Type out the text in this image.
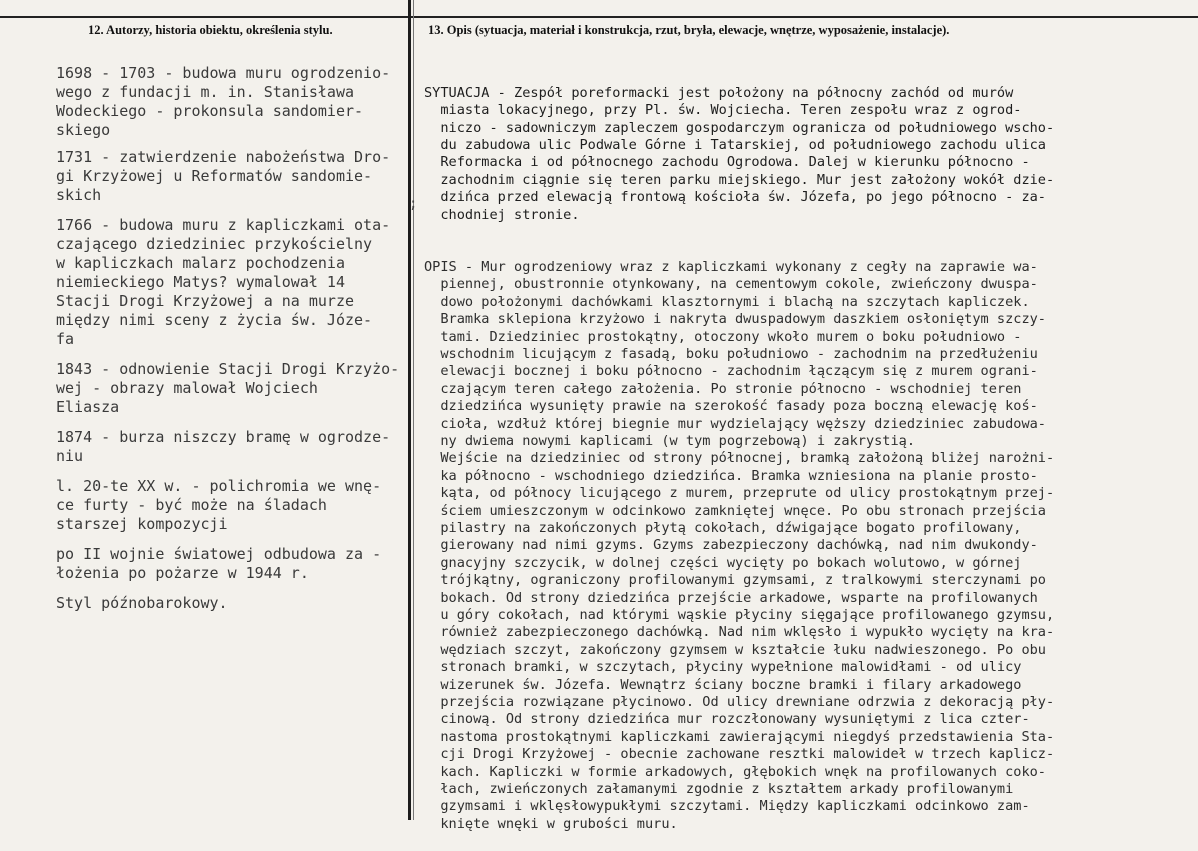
12. Autorzy, historia obiektu, określenia stylu.	13. Opis (sytuacja, materiał i konstrukcja, rzut, bryła, elewacje, wnętrze, wyposażenie, instalacje).
1698 - 1703 - budowa muru ogrodzenio-
wego z fundacji m. in. Stanisława
Wodeckiego - prokonsula sandomier-
skiego
1731 - zatwierdzenie nabożeństwa Dro-
gi Krzyżowej u Reformatów sandomie-
skich
1766 - budowa muru z kapliczkami ota-
czającego dziedziniec przykościelny
w kapliczkach malarz pochodzenia
niemieckiego Matys? wymalował 14
Stacji Drogi Krzyżowej a na murze
między nimi sceny z życia św. Józe-
fa
1843 - odnowienie Stacji Drogi Krzyżo-
wej - obrazy malował Wojciech
Eliasza
1874 - burza niszczy bramę w ogrodze-
niu
l. 20-te XX w. - polichromia we wnę-
ce furty - być może na śladach
starszej kompozycji
po II wojnie światowej odbudowa za -
łożenia po pożarze w 1944 r.
Styl późnobarokowy.
;

SYTUACJA - Zespół poreformacki jest położony na północny zachód od murów
miasta lokacyjnego, przy Pl. św. Wojciecha. Teren zespołu wraz z ogrod-
niczo - sadowniczym zapleczem gospodarczym ogranicza od południowego wscho-
du zabudowa ulic Podwale Górne i Tatarskiej, od południowego zachodu ulica
Reformacka i od północnego zachodu Ogrodowa. Dalej w kierunku północno -
zachodnim ciągnie się teren parku miejskiego. Mur jest założony wokół dzie-
dzińca przed elewacją frontową kościoła św. Józefa, po jego północno - za-
chodniej stronie.

OPIS - Mur ogrodzeniowy wraz z kapliczkami wykonany z cegły na zaprawie wa-
piennej, obustronnie otynkowany, na cementowym cokole, zwieńczony dwuspa-
dowo położonymi dachówkami klasztornymi i blachą na szczytach kapliczek.
Bramka sklepiona krzyżowo i nakryta dwuspadowym daszkiem osłoniętym szczy-
tami. Dziedziniec prostokątny, otoczony wkoło murem o boku południowo -
wschodnim licującym z fasadą, boku południowo - zachodnim na przedłużeniu
elewacji bocznej i boku północno - zachodnim łączącym się z murem ograni-
czającym teren całego założenia. Po stronie północno - wschodniej teren
dziedzińca wysunięty prawie na szerokość fasady poza boczną elewację koś-
cioła, wzdłuż której biegnie mur wydzielający węższy dziedziniec zabudowa-
ny dwiema nowymi kaplicami (w tym pogrzebową) i zakrystią.
Wejście na dziedziniec od strony północnej, bramką założoną bliżej narożni-
ka północno - wschodniego dziedzińca. Bramka wzniesiona na planie prosto-
kąta, od północy licującego z murem, przeprute od ulicy prostokątnym przej-
ściem umieszczonym w odcinkowo zamkniętej wnęce. Po obu stronach przejścia
pilastry na zakończonych płytą cokołach, dźwigające bogato profilowany,
gierowany nad nimi gzyms. Gzyms zabezpieczony dachówką, nad nim dwukondy-
gnacyjny szczycik, w dolnej części wycięty po bokach wolutowo, w górnej
trójkątny, ograniczony profilowanymi gzymsami, z tralkowymi sterczynami po
bokach. Od strony dziedzińca przejście arkadowe, wsparte na profilowanych
u góry cokołach, nad którymi wąskie płyciny sięgające profilowanego gzymsu,
również zabezpieczonego dachówką. Nad nim wklęsło i wypukło wycięty na kra-
wędziach szczyt, zakończony gzymsem w kształcie łuku nadwieszonego. Po obu
stronach bramki, w szczytach, płyciny wypełnione malowidłami - od ulicy
wizerunek św. Józefa. Wewnątrz ściany boczne bramki i filary arkadowego
przejścia rozwiązane płycinowo. Od ulicy drewniane odrzwia z dekoracją pły-
cinową. Od strony dziedzińca mur rozczłonowany wysuniętymi z lica czter-
nastoma prostokątnymi kapliczkami zawierającymi niegdyś przedstawienia Sta-
cji Drogi Krzyżowej - obecnie zachowane resztki malowideł w trzech kaplicz-
kach. Kapliczki w formie arkadowych, głębokich wnęk na profilowanych coko-
łach, zwieńczonych załamanymi zgodnie z kształtem arkady profilowanymi
gzymsami i wklęsłowypukłymi szczytami. Między kapliczkami odcinkowo zam-
knięte wnęki w grubości muru.
